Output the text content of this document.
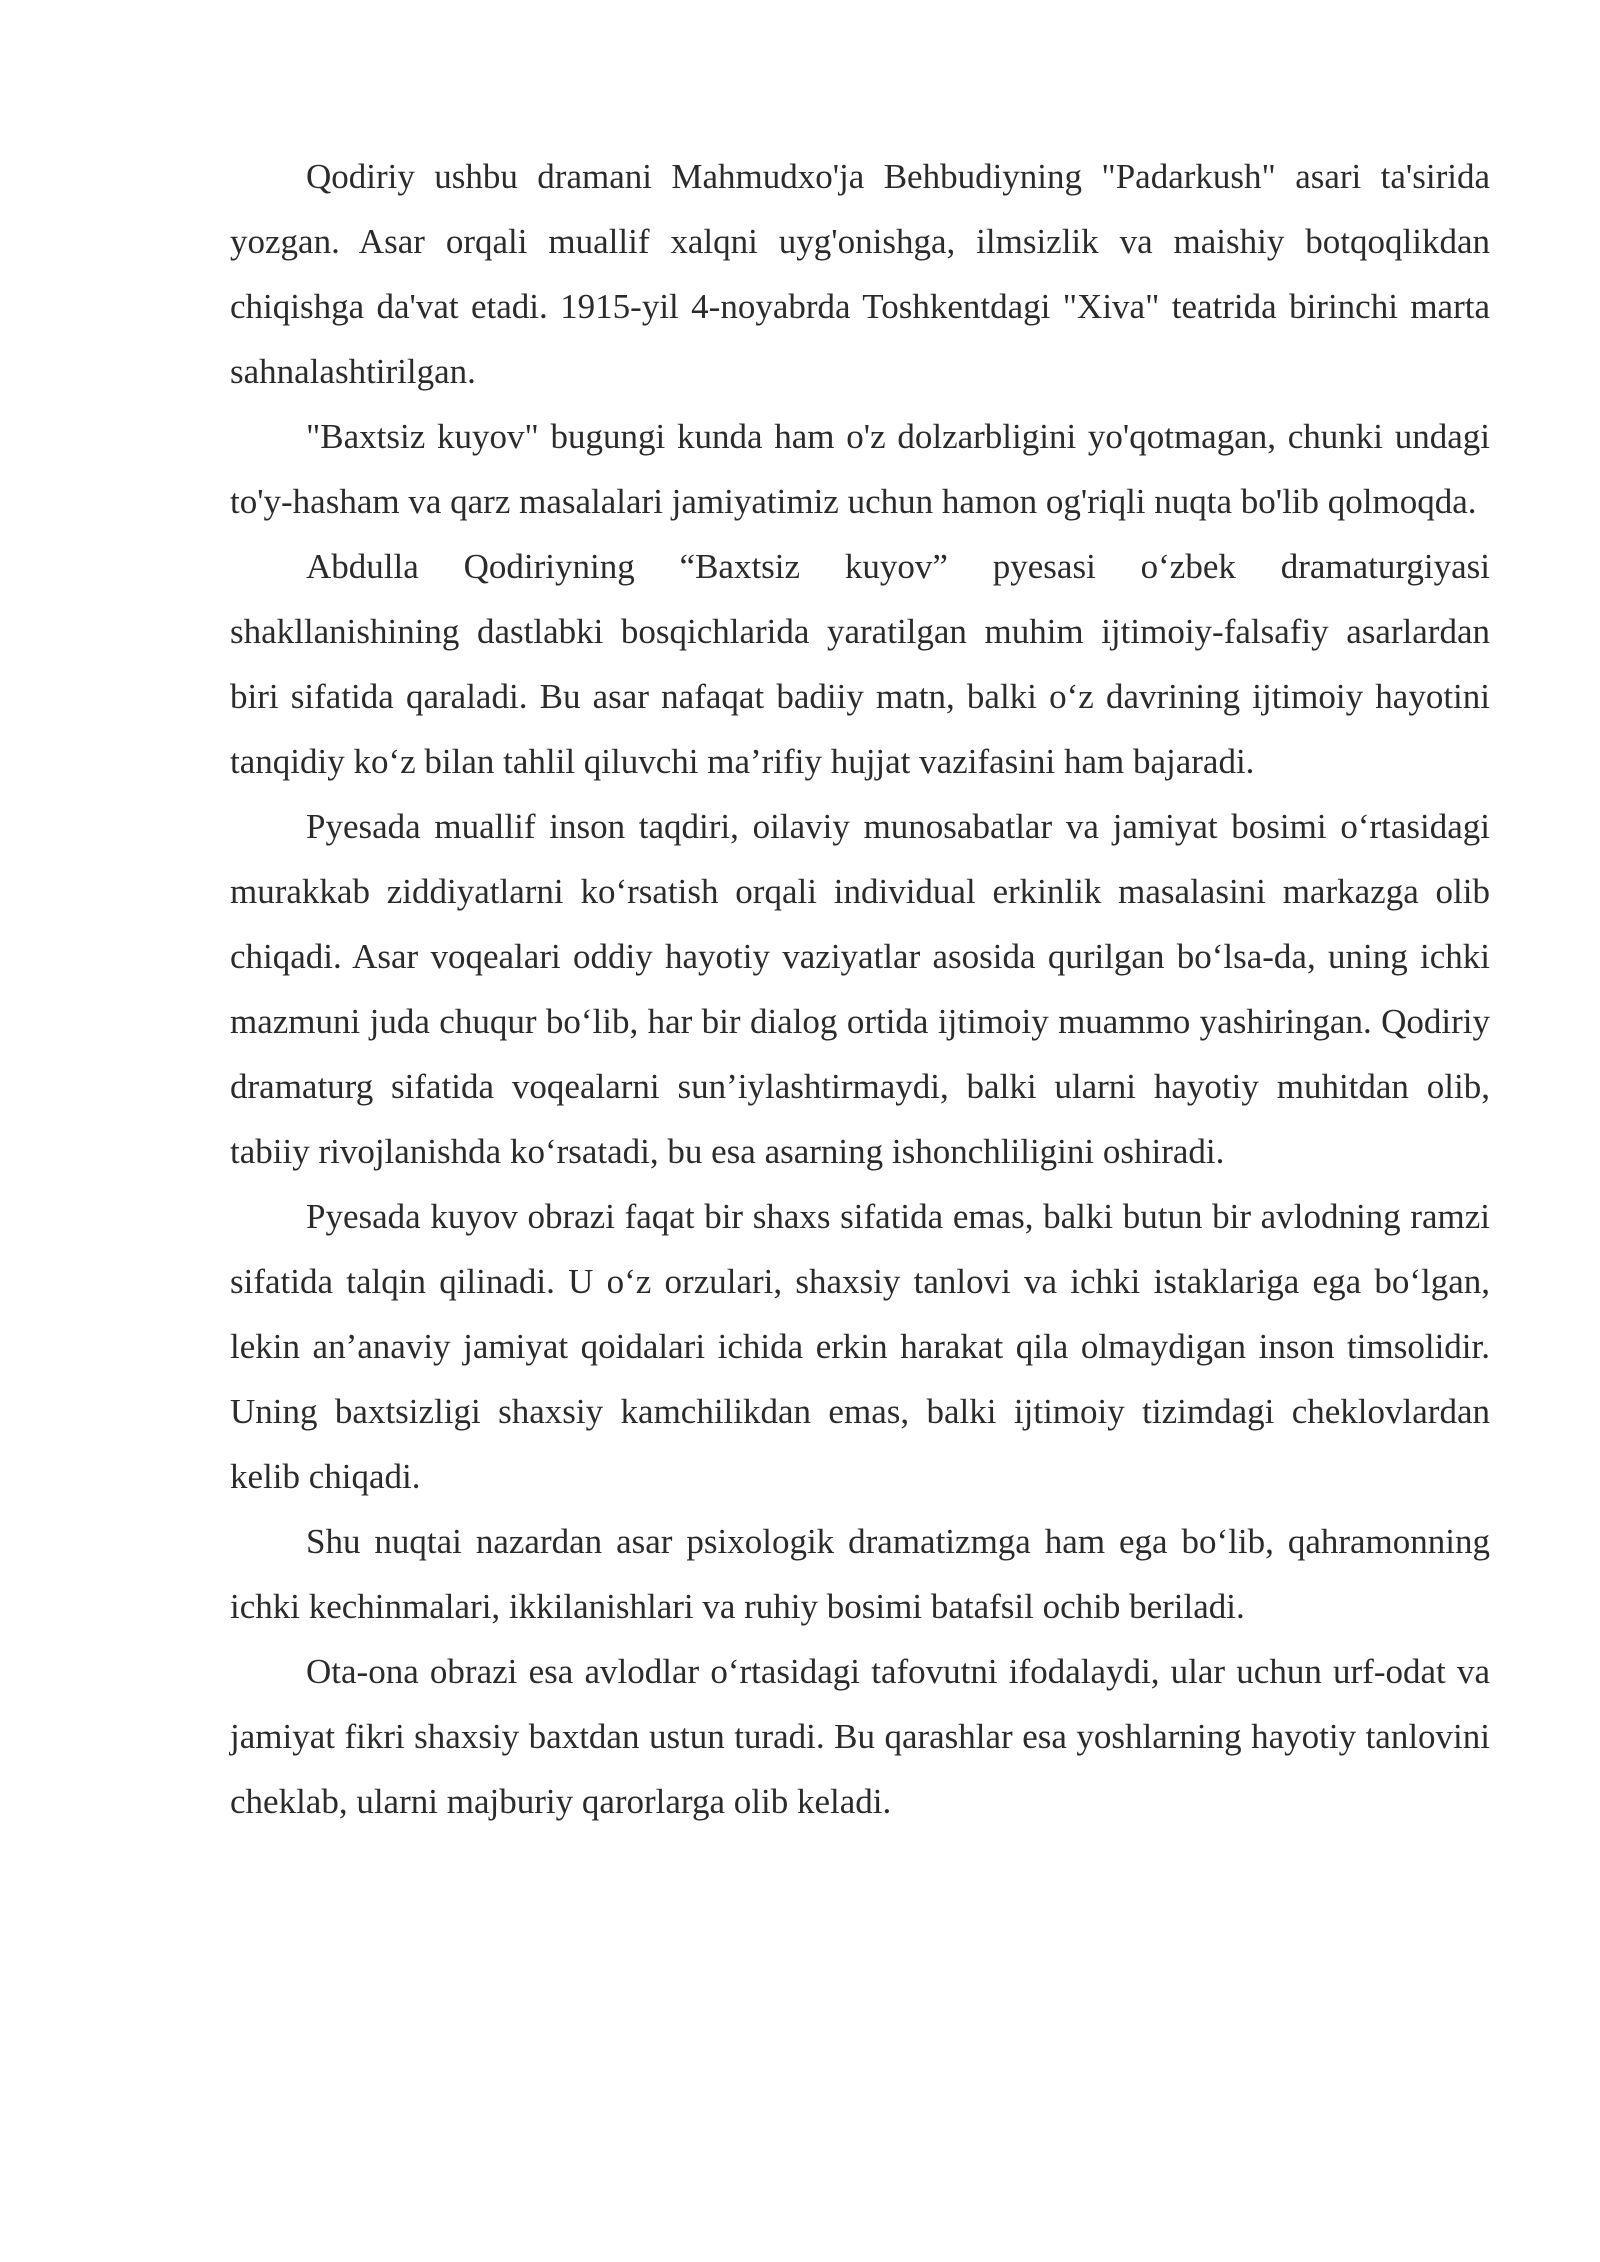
Qodiriy ushbu dramani Mahmudxo'ja Behbudiyning "Padarkush" asari ta'sirida yozgan. Asar orqali muallif xalqni uyg'onishga, ilmsizlik va maishiy botqoqlikdan chiqishga da'vat etadi. 1915-yil 4-noyabrda Toshkentdagi "Xiva" teatrida birinchi marta sahnalashtirilgan.

"Baxtsiz kuyov" bugungi kunda ham o'z dolzarbligini yo'qotmagan, chunki undagi to'y-hasham va qarz masalalari jamiyatimiz uchun hamon og'riqli nuqta bo'lib qolmoqda.

Abdulla Qodiriyning “Baxtsiz kuyov” pyesasi o‘zbek dramaturgiyasi shakllanishining dastlabki bosqichlarida yaratilgan muhim ijtimoiy-falsafiy asarlardan biri sifatida qaraladi. Bu asar nafaqat badiiy matn, balki o‘z davrining ijtimoiy hayotini tanqidiy ko‘z bilan tahlil qiluvchi ma’rifiy hujjat vazifasini ham bajaradi.

Pyesada muallif inson taqdiri, oilaviy munosabatlar va jamiyat bosimi o‘rtasidagi murakkab ziddiyatlarni ko‘rsatish orqali individual erkinlik masalasini markazga olib chiqadi. Asar voqealari oddiy hayotiy vaziyatlar asosida qurilgan bo‘lsa-da, uning ichki mazmuni juda chuqur bo‘lib, har bir dialog ortida ijtimoiy muammo yashiringan. Qodiriy dramaturg sifatida voqealarni sun’iylashtirmaydi, balki ularni hayotiy muhitdan olib, tabiiy rivojlanishda ko‘rsatadi, bu esa asarning ishonchliligini oshiradi.

Pyesada kuyov obrazi faqat bir shaxs sifatida emas, balki butun bir avlodning ramzi sifatida talqin qilinadi. U o‘z orzulari, shaxsiy tanlovi va ichki istaklariga ega bo‘lgan, lekin an’anaviy jamiyat qoidalari ichida erkin harakat qila olmaydigan inson timsolidir. Uning baxtsizligi shaxsiy kamchilikdan emas, balki ijtimoiy tizimdagi cheklovlardan kelib chiqadi.

Shu nuqtai nazardan asar psixologik dramatizmga ham ega bo‘lib, qahramonning ichki kechinmalari, ikkilanishlari va ruhiy bosimi batafsil ochib beriladi.

Ota-ona obrazi esa avlodlar o‘rtasidagi tafovutni ifodalaydi, ular uchun urf-odat va jamiyat fikri shaxsiy baxtdan ustun turadi. Bu qarashlar esa yoshlarning hayotiy tanlovini cheklab, ularni majburiy qarorlarga olib keladi.
